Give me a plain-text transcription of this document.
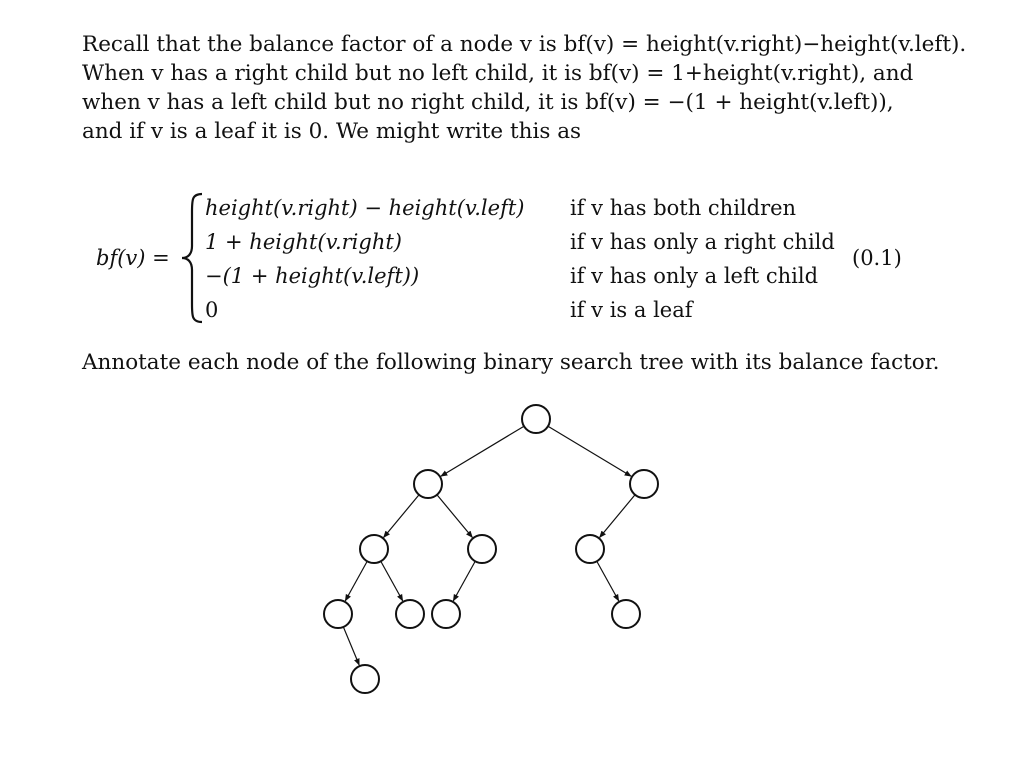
Recall that the balance factor of a node v is bf(v) = height(v.right)−height(v.left).
When v has a right child but no left child, it is bf(v) = 1+height(v.right), and
when v has a left child but no right child, it is bf(v) = −(1 + height(v.left)),
and if v is a leaf it is 0. We might write this as
bf(v) =
height(v.right) − height(v.left)
1 + height(v.right)
−(1 + height(v.left))
0
if v has both children
if v has only a right child
if v has only a left child
if v is a leaf
(0.1)
Annotate each node of the following binary search tree with its balance factor.
